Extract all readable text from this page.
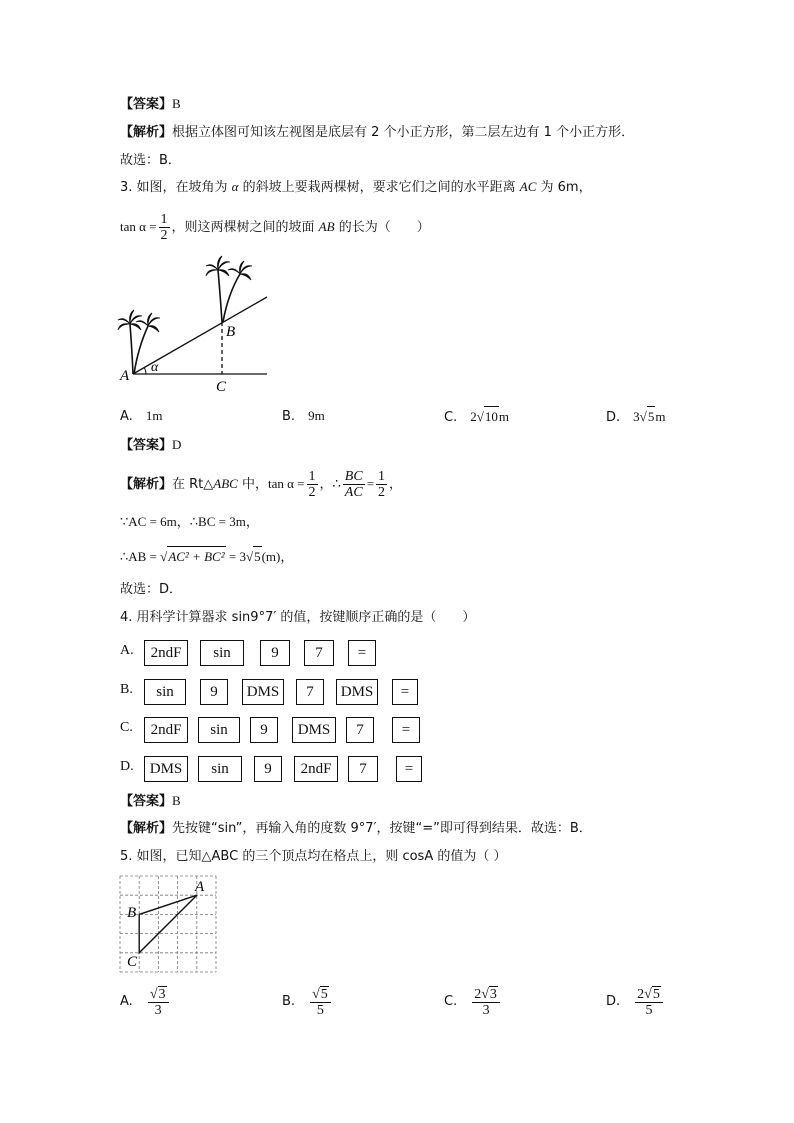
【答案】B
【解析】根据立体图可知该左视图是底层有 2 个小正方形，第二层左边有 1 个小正方形．
故选：B．
3. 如图，在坡角为 α 的斜坡上要栽两棵树，要求它们之间的水平距离 AC 为 6m，
$\tan \alpha = \frac{1}{2}$ ，则这两棵树之间的坡面 AB 的长为（　　）
A
B
C
α
A.　 1m	B.　 9m	C.　 2√10m	D.　 3√5m
【答案】D
【解析】在 Rt△ABC 中，$\tan \alpha = \frac{1}{2}$ ，∴ $\frac{BC}{AC} = \frac{1}{2}$ ，
∵AC = 6m，∴BC = 3m，
∴AB = √AC² + BC² = 3√5(m)，
故选：D．
4. 用科学计算器求 sin9°7′ 的值，按键顺序正确的是（　　）
A.	2ndF	sin	9	7	=
B.	sin	9	DMS	7	DMS	=
C.	2ndF	sin	9	DMS	7	=
D.	DMS	sin	9	2ndF	7	=
【答案】B
【解析】先按键“sin”，再输入角的度数 9°7′，按键“=”即可得到结果．故选：B．
5. 如图，已知△ABC 的三个顶点均在格点上，则 cosA 的值为（ ）
A
B
C
A.　 $\frac{√3}{3}$	B.　 $\frac{√5}{5}$	C.　 $\frac{2√3}{3}$	D.　 $\frac{2√5}{5}$
